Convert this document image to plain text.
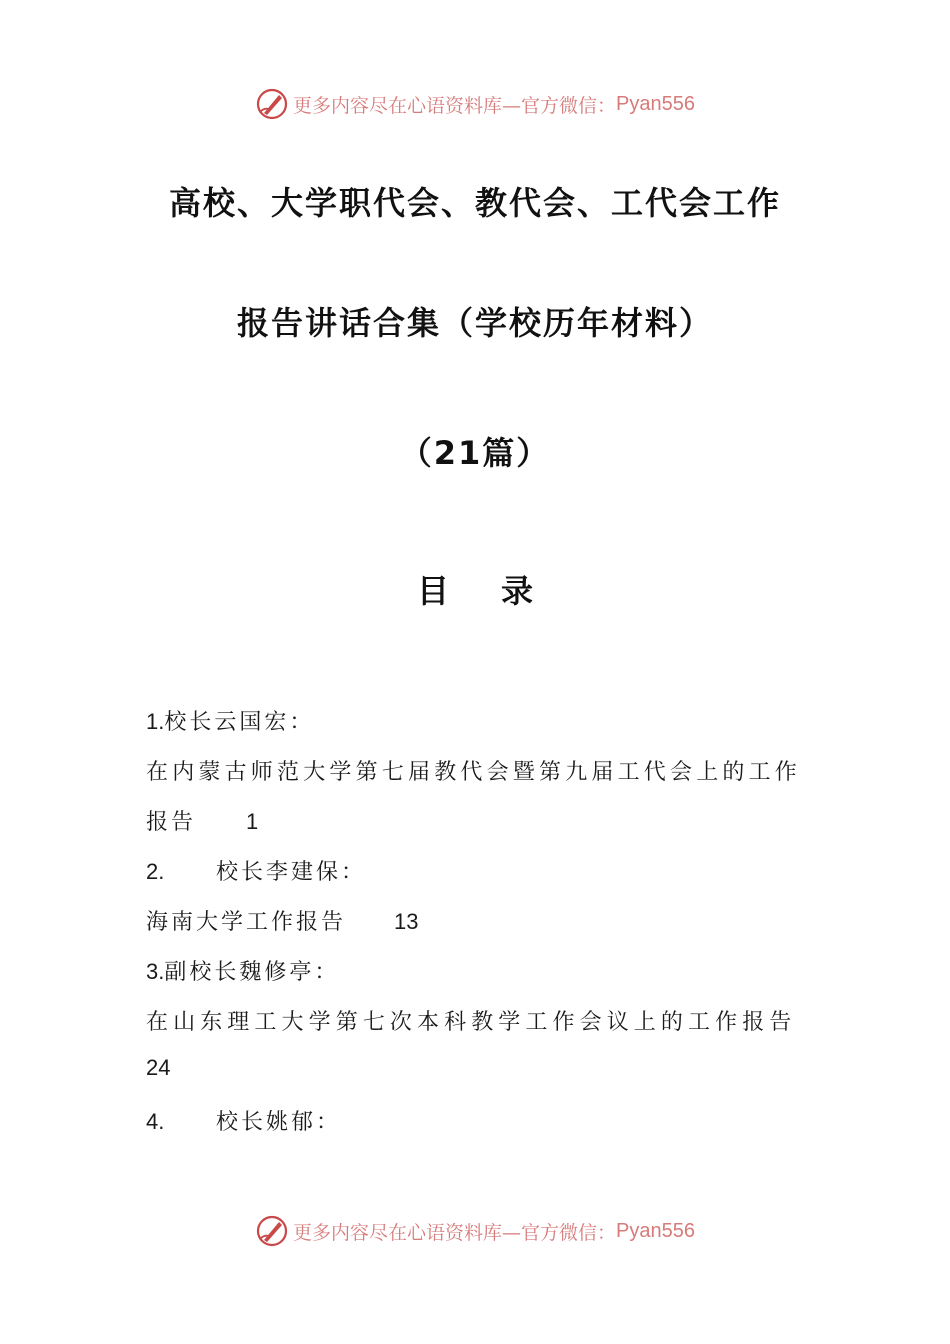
更多内容尽在心语资料库—官方微信： Pyan556
高校、大学职代会、教代会、工代会工作
报告讲话合集（学校历年材料）
（21篇）
目 录
1.校长云国宏：
在内蒙古师范大学第七届教代会暨第九届工代会上的工作
报告 1
2. 校长李建保：
海南大学工作报告 13
3.副校长魏修亭：
在山东理工大学第七次本科教学工作会议上的工作报告
24
4. 校长姚郁：
更多内容尽在心语资料库—官方微信： Pyan556
